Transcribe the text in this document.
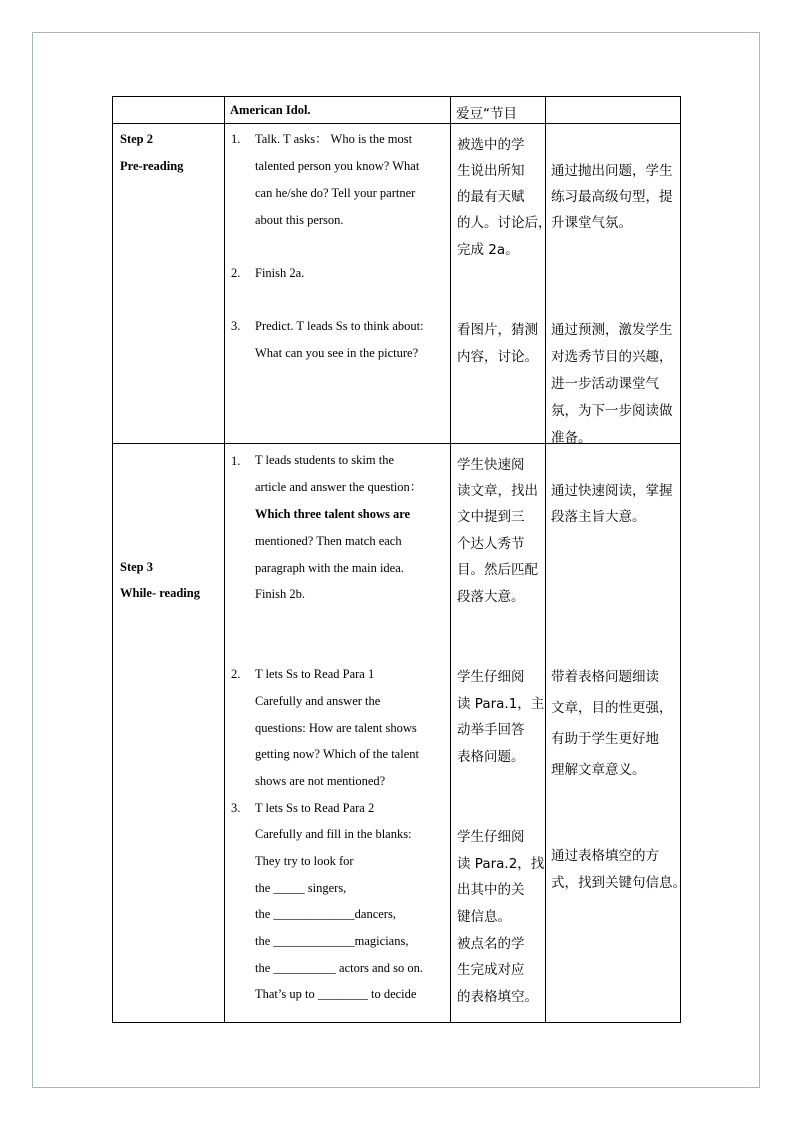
American Idol.	爱豆“节目
Step 2
Pre-reading
1. Talk. T asks： Who is the most
talented person you know? What
can he/she do? Tell your partner
about this person.
2. Finish 2a.
3. Predict. T leads Ss to think about:
What can you see in the picture?
被选中的学
生说出所知
的最有天赋
的人。讨论后，
完成 2a。
看图片，猜测
内容，讨论。
通过抛出问题，学生
练习最高级句型，提
升课堂气氛。
通过预测，激发学生
对选秀节目的兴趣，
进一步活动课堂气
氛，为下一步阅读做
准备。
Step 3
While- reading
1. T leads students to skim the
article and answer the question：
Which three talent shows are
mentioned? Then match each
paragraph with the main idea.
Finish 2b.
2. T lets Ss to Read Para 1
Carefully and answer the
questions: How are talent shows
getting now? Which of the talent
shows are not mentioned?
3. T lets Ss to Read Para 2
Carefully and fill in the blanks:
They try to look for
the _____ singers,
the _____________dancers,
the _____________magicians,
the __________ actors and so on.
That’s up to ________ to decide
学生快速阅
读文章，找出
文中提到三
个达人秀节
目。然后匹配
段落大意。
学生仔细阅
读 Para.1，主
动举手回答
表格问题。
学生仔细阅
读 Para.2，找
出其中的关
键信息。
被点名的学
生完成对应
的表格填空。
通过快速阅读，掌握
段落主旨大意。
带着表格问题细读
文章，目的性更强，
有助于学生更好地
理解文章意义。
通过表格填空的方
式，找到关键句信息。
